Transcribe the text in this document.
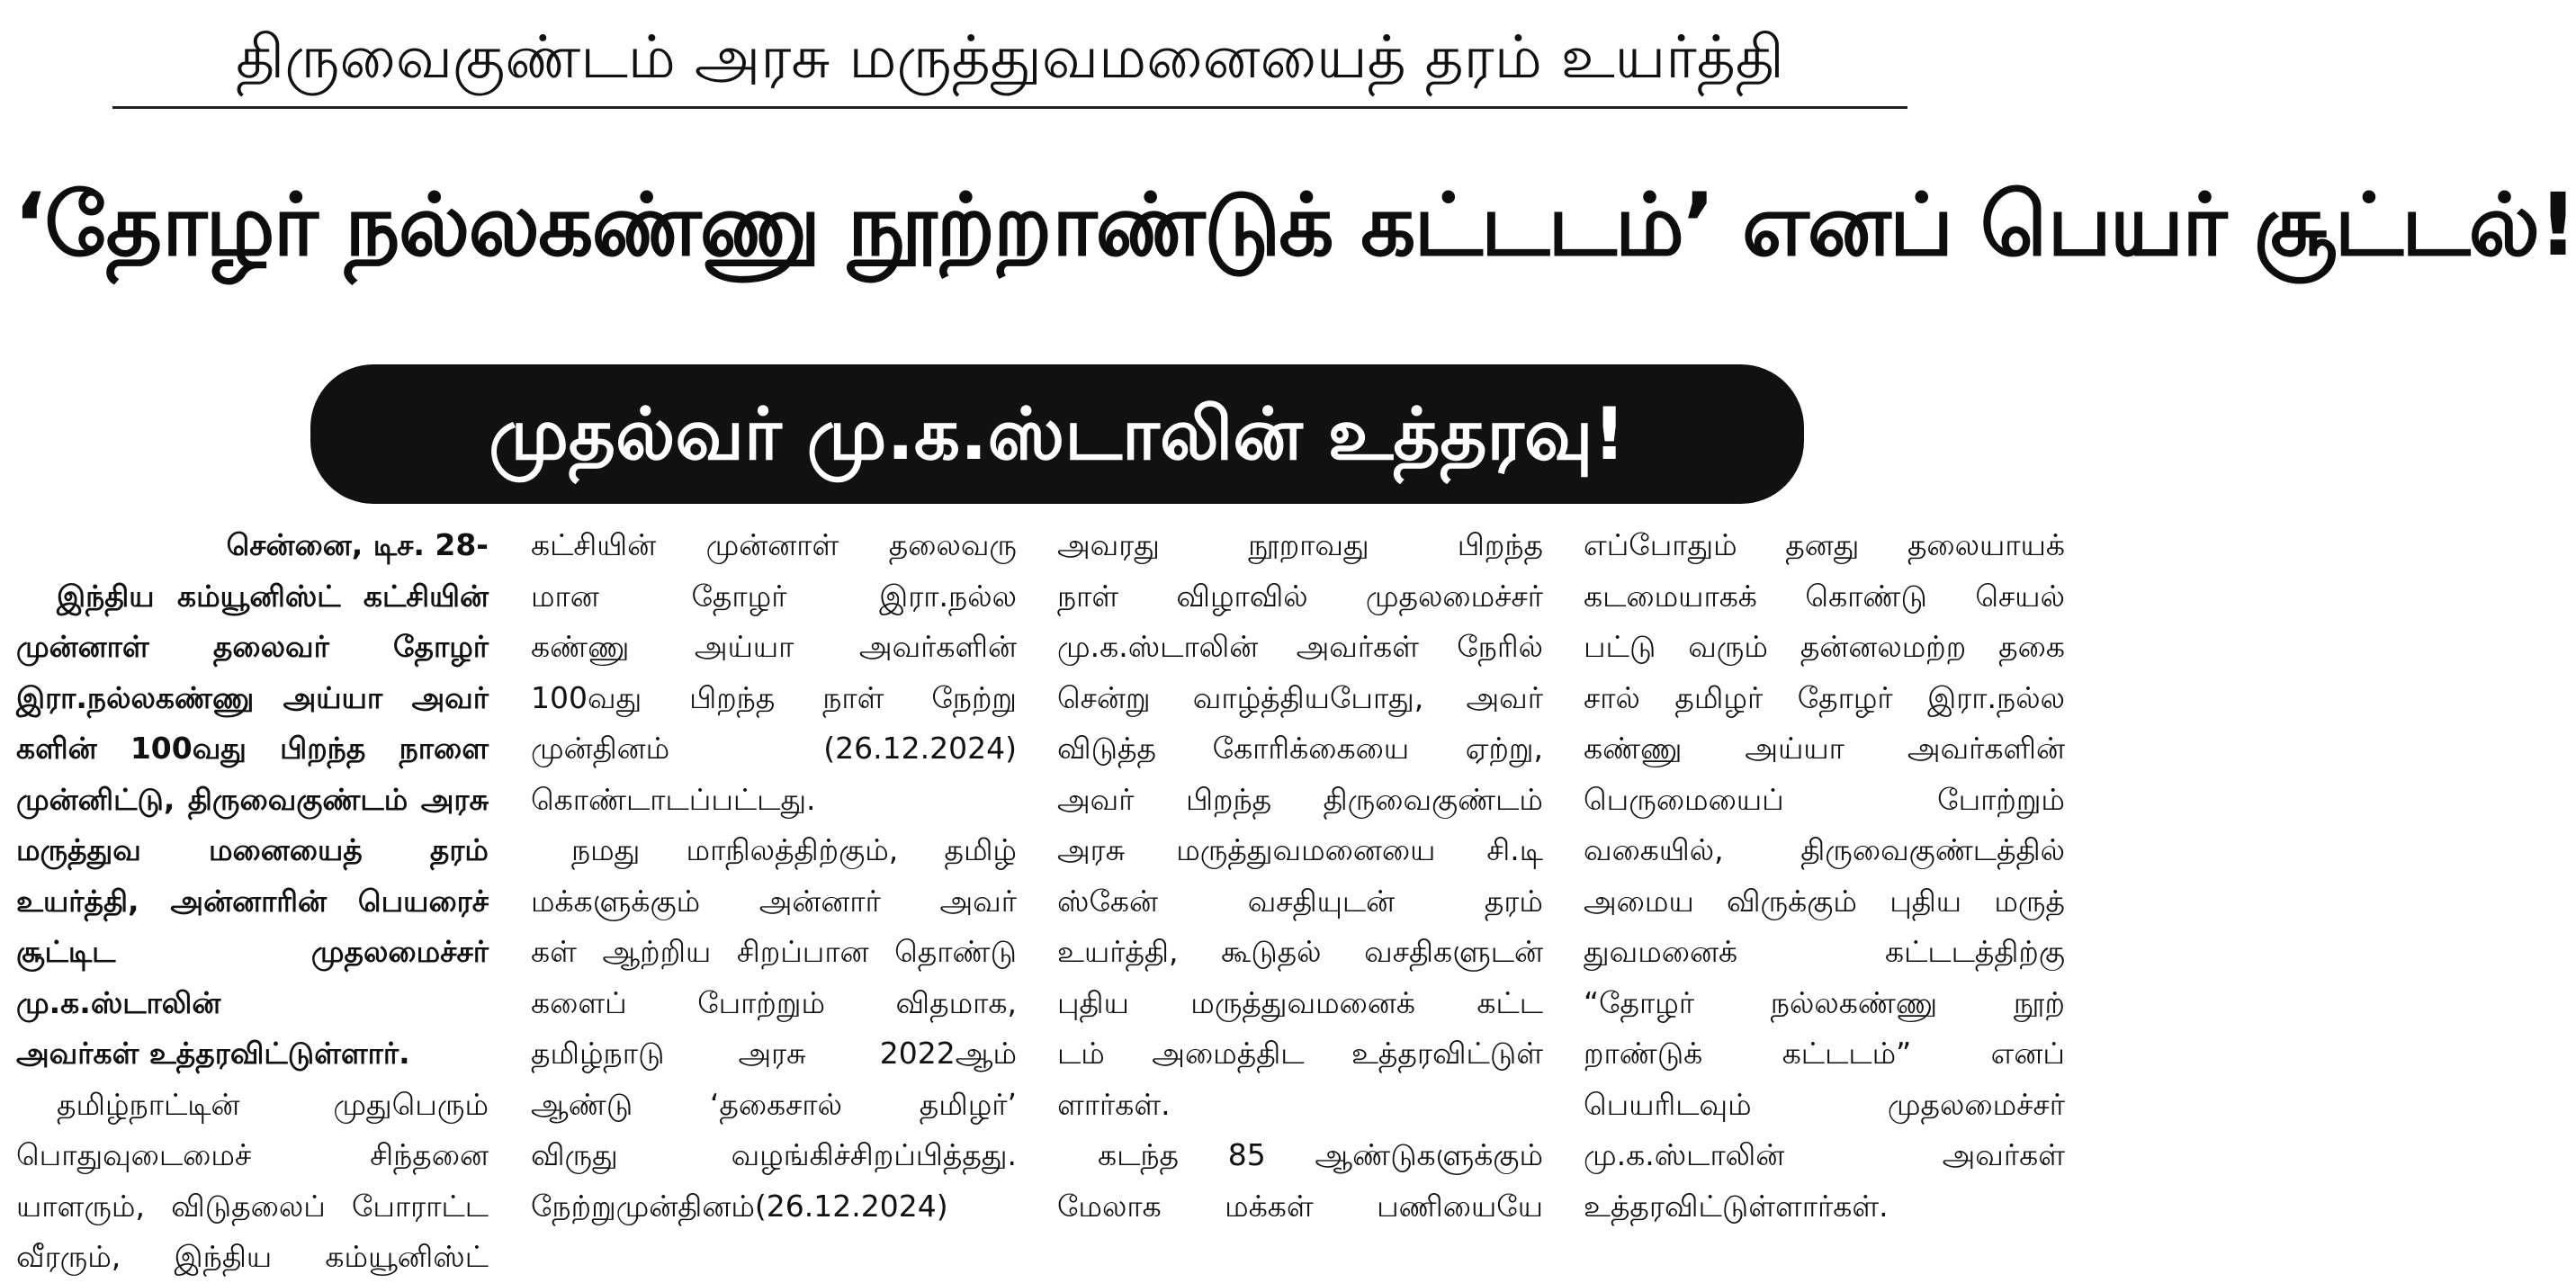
திருவைகுண்டம் அரசு மருத்துவமனையைத் தரம் உயர்த்தி
‘தோழர் நல்லகண்ணு நூற்றாண்டுக் கட்டடம்’ எனப் பெயர் சூட்டல்!
முதல்வர் மு.க.ஸ்டாலின் உத்தரவு!

சென்னை, டிச. 28-

இந்திய கம்யூனிஸ்ட் கட்சியின்

முன்னாள் தலைவர் தோழர்

இரா.நல்லகண்ணு அய்யா அவர்

களின் 100வது பிறந்த நாளை

முன்னிட்டு, திருவைகுண்டம் அரசு

மருத்துவ மனையைத் தரம்

உயர்த்தி, அன்னாரின் பெயரைச்

சூட்டிட முதலமைச்சர் மு.க.ஸ்டாலின்

அவர்கள் உத்தரவிட்டுள்ளார்.

தமிழ்நாட்டின் முதுபெரும்

பொதுவுடைமைச் சிந்தனை

யாளரும், விடுதலைப் போராட்ட

வீரரும், இந்திய கம்யூனிஸ்ட்

கட்சியின் முன்னாள் தலைவரு

மான தோழர் இரா.நல்ல

கண்ணு அய்யா அவர்களின்

100வது பிறந்த நாள் நேற்று

முன்தினம் (26.12.2024)

கொண்டாடப்பட்டது.

நமது மாநிலத்திற்கும், தமிழ்

மக்களுக்கும் அன்னார் அவர்

கள் ஆற்றிய சிறப்பான தொண்டு

களைப் போற்றும் விதமாக,

தமிழ்நாடு அரசு 2022ஆம்

ஆண்டு ‘தகைசால் தமிழர்’

விருது வழங்கிச்சிறப்பித்தது.

நேற்றுமுன்தினம்(26.12.2024)

அவரது நூறாவது பிறந்த

நாள் விழாவில் முதலமைச்சர்

மு.க.ஸ்டாலின் அவர்கள் நேரில்

சென்று வாழ்த்தியபோது, அவர்

விடுத்த கோரிக்கையை ஏற்று,

அவர் பிறந்த திருவைகுண்டம்

அரசு மருத்துவமனையை சி.டி

ஸ்கேன் வசதியுடன் தரம்

உயர்த்தி, கூடுதல் வசதிகளுடன்

புதிய மருத்துவமனைக் கட்ட

டம் அமைத்திட உத்தரவிட்டுள்

ளார்கள்.

கடந்த 85 ஆண்டுகளுக்கும்

மேலாக மக்கள் பணியையே

எப்போதும் தனது தலையாயக்

கடமையாகக் கொண்டு செயல்

பட்டு வரும் தன்னலமற்ற தகை

சால் தமிழர் தோழர் இரா.நல்ல

கண்ணு அய்யா அவர்களின்

பெருமையைப் போற்றும்

வகையில், திருவைகுண்டத்தில்

அமைய விருக்கும் புதிய மருத்

துவமனைக் கட்டடத்திற்கு

“தோழர் நல்லகண்ணு நூற்

றாண்டுக் கட்டடம்” எனப்

பெயரிடவும் முதலமைச்சர்

மு.க.ஸ்டாலின் அவர்கள்

உத்தரவிட்டுள்ளார்கள்.
